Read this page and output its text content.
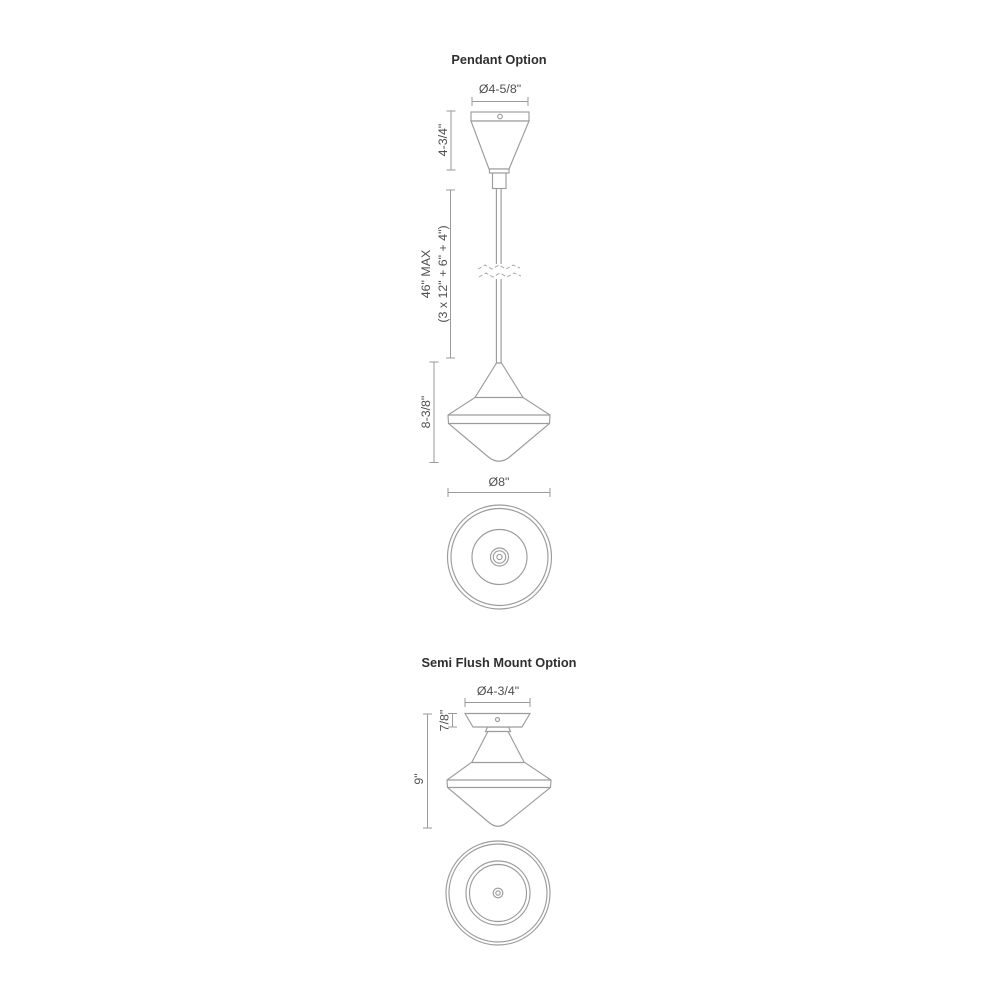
Pendant Option
Ø4-5/8"
4-3/4"
46" MAX (3 x 12" + 6" + 4")
8-3/8"
Ø8"
Semi Flush Mount Option
Ø4-3/4"
7/8"
9"
